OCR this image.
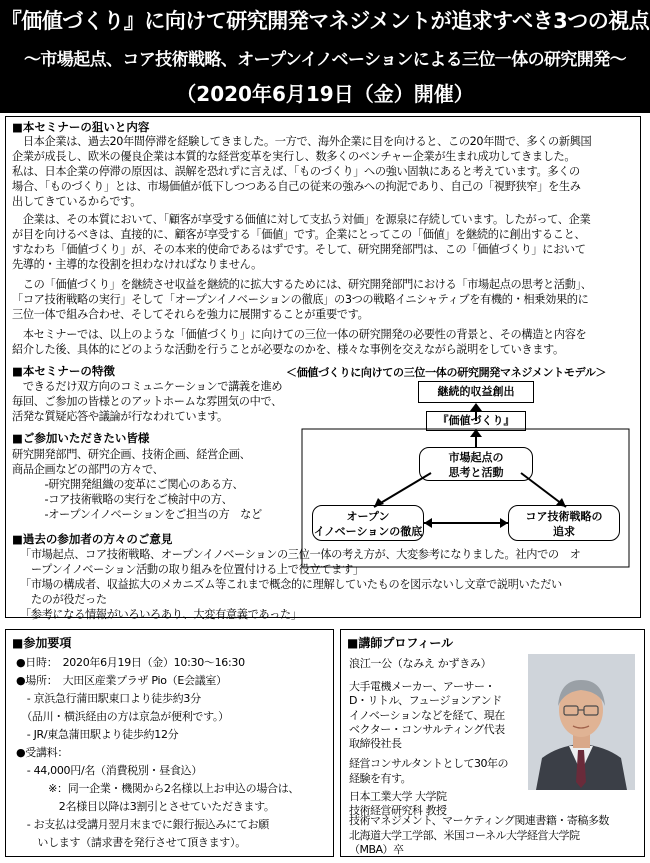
『価値づくり』に向けて研究開発マネジメントが追求すべき3つの視点
～市場起点、コア技術戦略、オープンイノベーションによる三位一体の研究開発～
（2020年6月19日（金）開催）
■本セミナーの狙いと内容
　日本企業は、過去20年間停滞を経験してきました。一方で、海外企業に目を向けると、この20年間で、多くの新興国
企業が成長し、欧米の優良企業は本質的な経営変革を実行し、数多くのベンチャー企業が生まれ成功してきました。
私は、日本企業の停滞の原因は、誤解を恐れずに言えば、「ものづくり」への強い固執にあると考えています。多くの
場合、「ものづくり」とは、市場価値が低下しつつある自己の従来の強みへの拘泥であり、自己の「視野狭窄」を生み
出してきているからです。
　企業は、その本質において、「顧客が享受する価値に対して支払う対価」を源泉に存続しています。したがって、企業
が目を向けるべきは、直接的に、顧客が享受する「価値」です。企業にとってこの「価値」を継続的に創出すること、
すなわち「価値づくり」が、その本来的使命であるはずです。そして、研究開発部門は、この「価値づくり」において
先導的・主導的な役割を担わなければなりません。
　この「価値づくり」を継続させ収益を継続的に拡大するためには、研究開発部門における「市場起点の思考と活動」、
「コア技術戦略の実行」そして「オープンイノベーションの徹底」の3つの戦略イニシャティブを有機的・相乗効果的に
三位一体で組み合わせ、そしてそれらを強力に展開することが重要です。
　本セミナーでは、以上のような「価値づくり」に向けての三位一体の研究開発の必要性の背景と、その構造と内容を
紹介した後、具体的にどのような活動を行うことが必要なのかを、様々な事例を交えながら説明をしていきます。
■本セミナーの特徴
　できるだけ双方向のコミュニケーションで講義を進め
毎回、ご参加の皆様とのアットホームな雰囲気の中で、
活発な質疑応答や議論が行なわれています。
■ご参加いただきたい皆様
研究開発部門、研究企画、技術企画、経営企画、
商品企画などの部門の方々で、
　　　-研究開発組織の変革にご関心のある方、
　　　-コア技術戦略の実行をご検討中の方、
　　　-オープンイノベーションをご担当の方　など
■過去の参加者の方々のご意見
「市場起点、コア技術戦略、オープンイノベーションの三位一体の考え方が、大変参考になりました。社内での　オ
　ープンイノベーション活動の取り組みを位置付ける上で役立てます」
「市場の構成者、収益拡大のメカニズム等これまで概念的に理解していたものを図示ないし文章で説明いただい
　たのが役だった
「参考になる情報がいろいろあり、大変有意義であった」
＜価値づくりに向けての三位一体の研究開発マネジメントモデル＞
継続的収益創出
『価値づくり』
市場起点の
思考と活動
オープン
イノベーションの徹底
コア技術戦略の
追求
■参加要項
●日時：　2020年6月19日（金）10:30～16:30
●場所：　大田区産業プラザ Pio（E会議室）
　- 京浜急行蒲田駅東口より徒歩約3分
　（品川・横浜経由の方は京急が便利です。）
　- JR/東急蒲田駅より徒歩約12分
●受講料：
　- 44,000円/名（消費税別・昼食込）
　　　※：同一企業・機関から2名様以上お申込の場合は、
　　　　2名様目以降は3割引とさせていただきます。
　- お支払は受講月翌月末までに銀行振込みにてお願
　　いします（請求書を発行させて頂きます）。
■講師プロフィール
浪江一公（なみえ かずきみ）
大手電機メーカー、アーサー・
D・リトル、フュージョンアンド
イノベーションなどを経て、現在
ベクター・コンサルティング代表
取締役社長
経営コンサルタントとして30年の
経験を有す。
日本工業大学 大学院
技術経営研究科 教授
技術マネジメント、マーケティング関連書籍・寄稿多数
北海道大学工学部、米国コーネル大学経営大学院
（MBA）卒
